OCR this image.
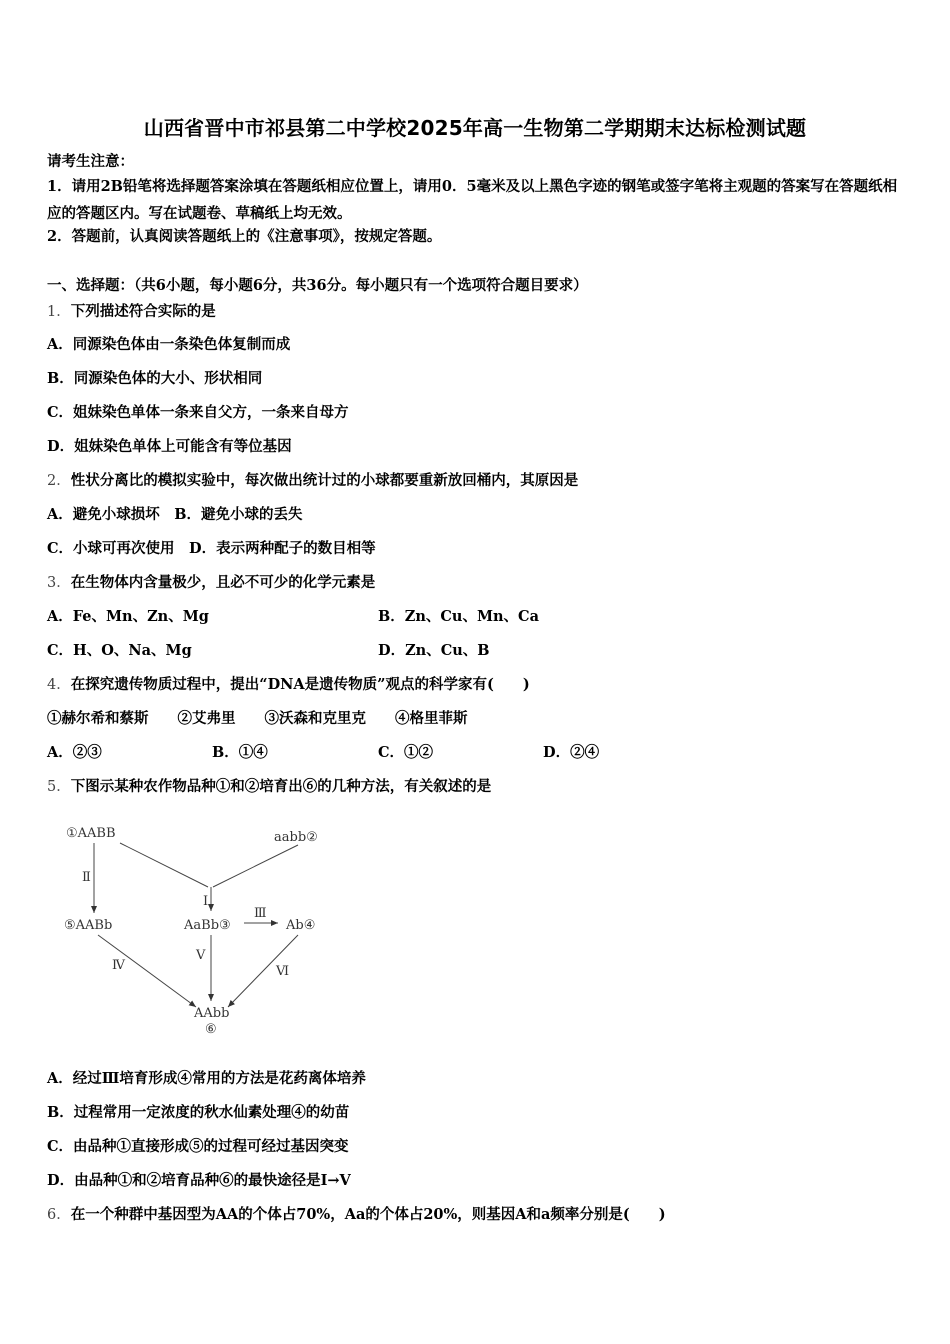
山西省晋中市祁县第二中学校2025年高一生物第二学期期末达标检测试题
请考生注意：
1．请用2B铅笔将选择题答案涂填在答题纸相应位置上，请用0．5毫米及以上黑色字迹的钢笔或签字笔将主观题的答案写在答题纸相应的答题区内。写在试题卷、草稿纸上均无效。
2．答题前，认真阅读答题纸上的《注意事项》，按规定答题。
一、选择题：（共6小题，每小题6分，共36分。每小题只有一个选项符合题目要求）
1．下列描述符合实际的是
A．同源染色体由一条染色体复制而成
B．同源染色体的大小、形状相同
C．姐妹染色单体一条来自父方，一条来自母方
D．姐妹染色单体上可能含有等位基因
2．性状分离比的模拟实验中，每次做出统计过的小球都要重新放回桶内，其原因是
A．避免小球损坏　B．避免小球的丢失
C．小球可再次使用　D．表示两种配子的数目相等
3．在生物体内含量极少，且必不可少的化学元素是
A．Fe、Mn、Zn、Mg	B．Zn、Cu、Mn、Ca
C．H、O、Na、Mg	D．Zn、Cu、B
4．在探究遗传物质过程中，提出“DNA是遗传物质”观点的科学家有(　　)
①赫尔希和蔡斯　　②艾弗里　　③沃森和克里克　　④格里菲斯
A．②③	B．①④	C．①②	D．②④
5．下图示某种农作物品种①和②培育出⑥的几种方法，有关叙述的是
①AABB	aabb②
⑤AABb	AaBb③	Ab④
AAbb
⑥
Ⅰ
Ⅱ
Ⅲ
Ⅳ
Ⅴ
Ⅵ
A．经过Ⅲ培育形成④常用的方法是花药离体培养
B．过程常用一定浓度的秋水仙素处理④的幼苗
C．由品种①直接形成⑤的过程可经过基因突变
D．由品种①和②培育品种⑥的最快途径是Ⅰ→Ⅴ
6．在一个种群中基因型为AA的个体占70%，Aa的个体占20%，则基因A和a频率分别是(　　)
